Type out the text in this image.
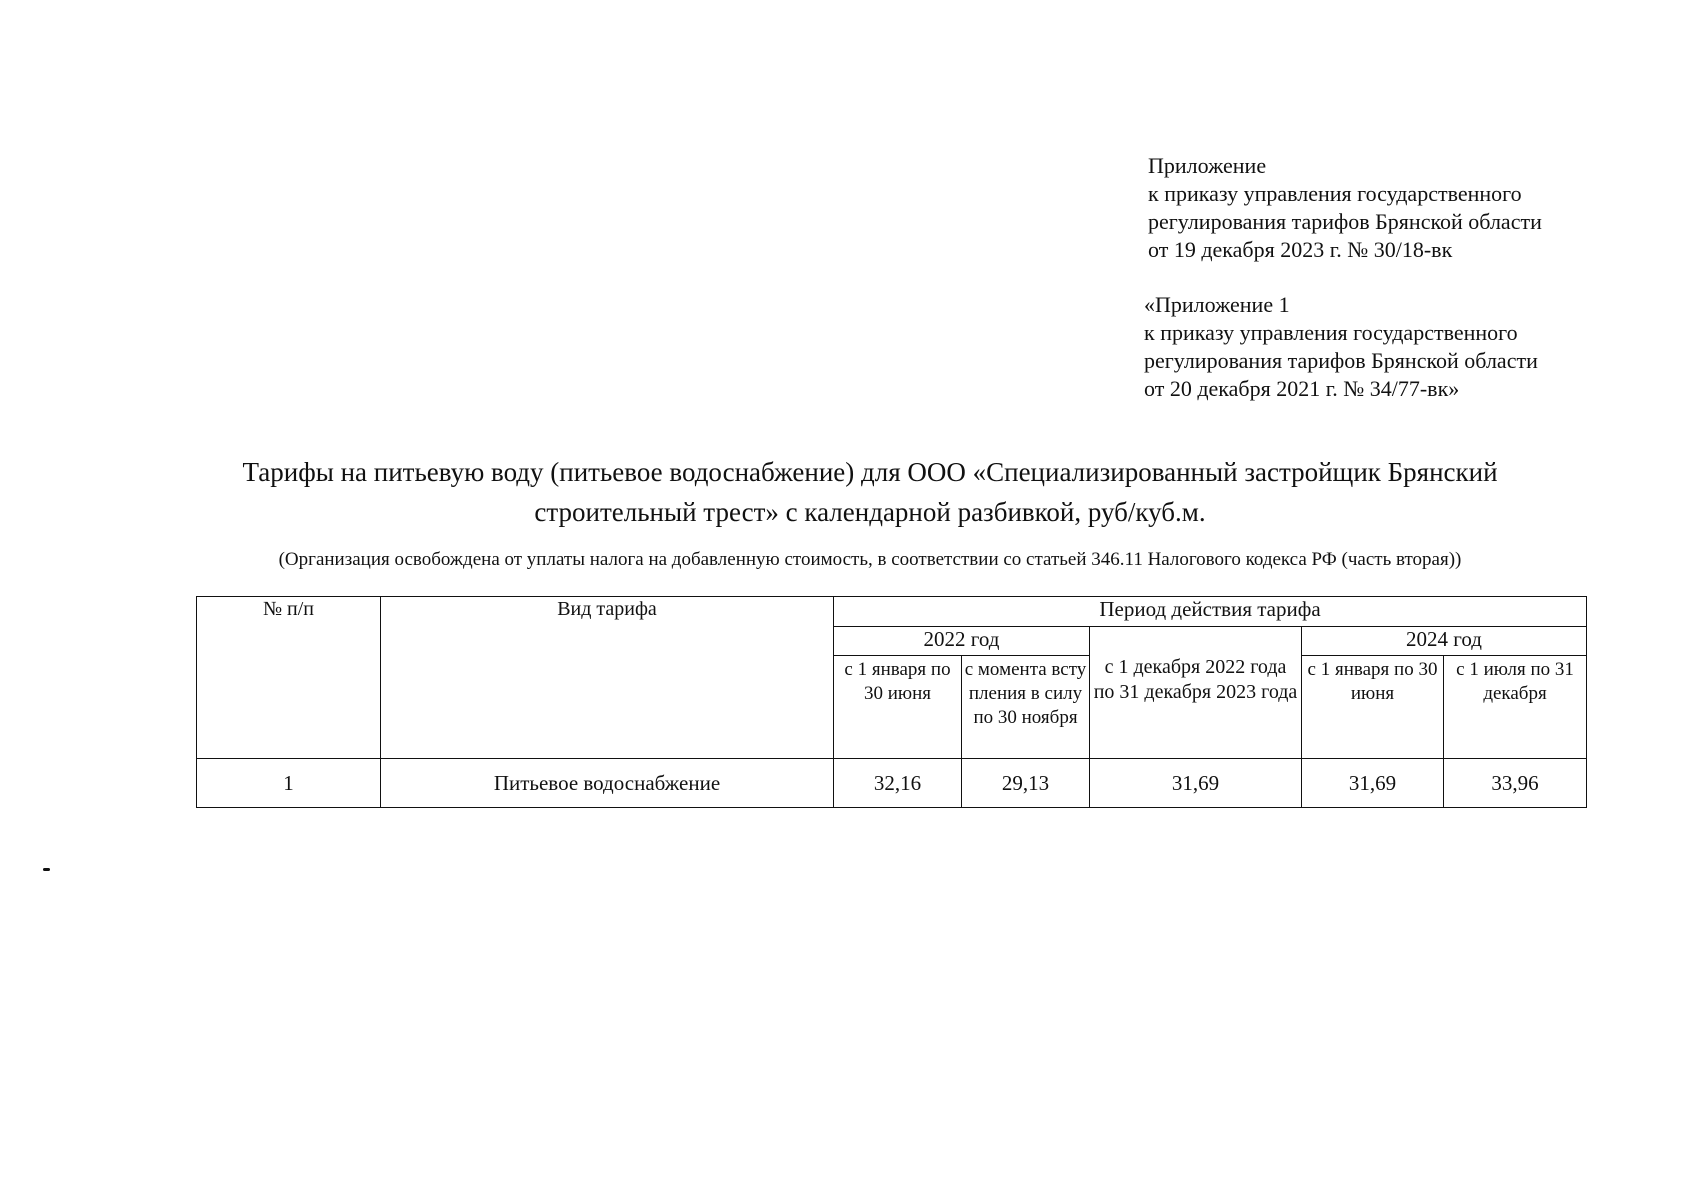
Приложение
к приказу управления государственного
регулирования тарифов Брянской области
от 19 декабря 2023 г. № 30/18-вк
«Приложение 1
к приказу управления государственного
регулирования тарифов Брянской области
от 20 декабря 2021 г. № 34/77-вк»
Тарифы на питьевую воду (питьевое водоснабжение) для ООО «Специализированный застройщик Брянский
строительный трест» с календарной разбивкой, руб/куб.м.
(Организация освобождена от уплаты налога на добавленную стоимость, в соответствии со статьей 346.11 Налогового кодекса РФ (часть вторая))
№ п/п	Вид тарифа	Период действия тарифа				
		2022 год		с 1 декабря 2022 года по 31 декабря 2023 года	2024 год	
		с 1 января по 30 июня	с момента вступления в силу по 30 ноября		с 1 января по 30 июня	с 1 июля по 31 декабря
1	Питьевое водоснабжение	32,16	29,13	31,69	31,69	33,96
